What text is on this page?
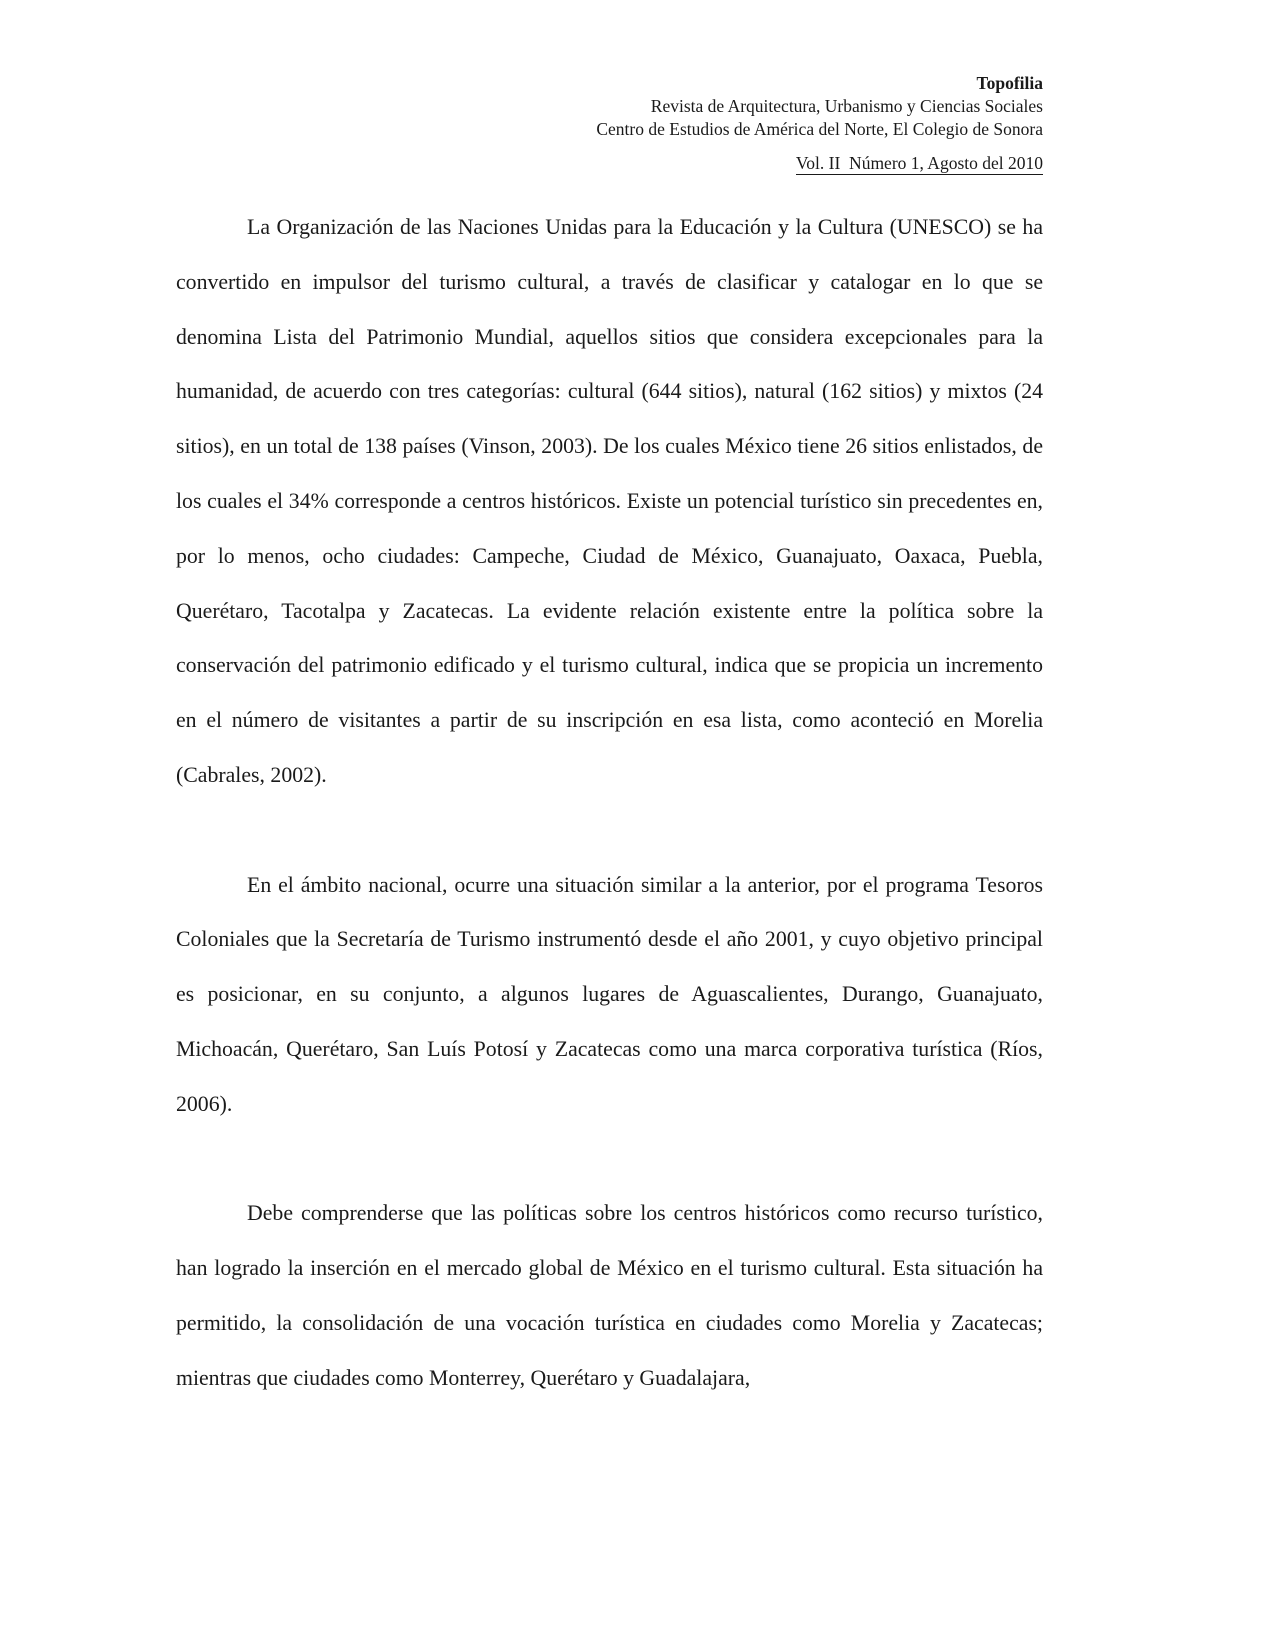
Topofilia
Revista de Arquitectura, Urbanismo y Ciencias Sociales
Centro de Estudios de América del Norte, El Colegio de Sonora
Vol. II  Número 1, Agosto del 2010

La Organización de las Naciones Unidas para la Educación y la Cultura (UNESCO) se ha convertido en impulsor del turismo cultural, a través de clasificar y catalogar en lo que se denomina Lista del Patrimonio Mundial, aquellos sitios que considera excepcionales para la humanidad, de acuerdo con tres categorías: cultural (644 sitios), natural (162 sitios) y mixtos (24 sitios), en un total de 138 países (Vinson, 2003). De los cuales México tiene 26 sitios enlistados, de los cuales el 34% corresponde a centros históricos. Existe un potencial turístico sin precedentes en, por lo menos, ocho ciudades: Campeche, Ciudad de México, Guanajuato, Oaxaca, Puebla, Querétaro, Tacotalpa y Zacatecas. La evidente relación existente entre la política sobre la conservación del patrimonio edificado y el turismo cultural, indica que se propicia un incremento en el número de visitantes a partir de su inscripción en esa lista, como aconteció en Morelia (Cabrales, 2002).

En el ámbito nacional, ocurre una situación similar a la anterior, por el programa Tesoros Coloniales que la Secretaría de Turismo instrumentó desde el año 2001, y cuyo objetivo principal es posicionar, en su conjunto, a algunos lugares de Aguascalientes, Durango, Guanajuato, Michoacán, Querétaro, San Luís Potosí y Zacatecas como una marca corporativa turística (Ríos, 2006).

Debe comprenderse que las políticas sobre los centros históricos como recurso turístico, han logrado la inserción en el mercado global de México en el turismo cultural. Esta situación ha permitido, la consolidación de una vocación turística en ciudades como Morelia y Zacatecas; mientras que ciudades como Monterrey, Querétaro y Guadalajara,
